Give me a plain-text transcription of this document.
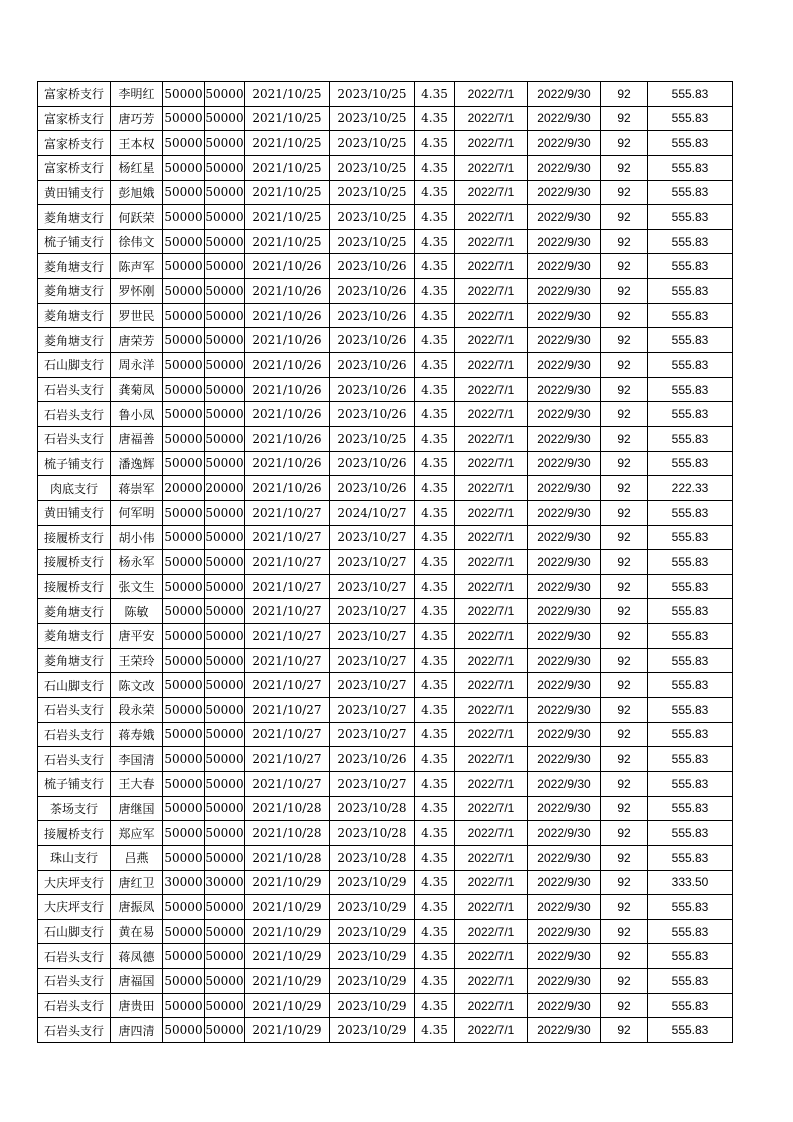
富家桥支行	李明红	50000	50000	2021/10/25	2023/10/25	4.35	2022/7/1	2022/9/30	92	555.83
富家桥支行	唐巧芳	50000	50000	2021/10/25	2023/10/25	4.35	2022/7/1	2022/9/30	92	555.83
富家桥支行	王本权	50000	50000	2021/10/25	2023/10/25	4.35	2022/7/1	2022/9/30	92	555.83
富家桥支行	杨红星	50000	50000	2021/10/25	2023/10/25	4.35	2022/7/1	2022/9/30	92	555.83
黄田铺支行	彭旭娥	50000	50000	2021/10/25	2023/10/25	4.35	2022/7/1	2022/9/30	92	555.83
菱角塘支行	何跃荣	50000	50000	2021/10/25	2023/10/25	4.35	2022/7/1	2022/9/30	92	555.83
梳子铺支行	徐伟文	50000	50000	2021/10/25	2023/10/25	4.35	2022/7/1	2022/9/30	92	555.83
菱角塘支行	陈声军	50000	50000	2021/10/26	2023/10/26	4.35	2022/7/1	2022/9/30	92	555.83
菱角塘支行	罗怀刚	50000	50000	2021/10/26	2023/10/26	4.35	2022/7/1	2022/9/30	92	555.83
菱角塘支行	罗世民	50000	50000	2021/10/26	2023/10/26	4.35	2022/7/1	2022/9/30	92	555.83
菱角塘支行	唐荣芳	50000	50000	2021/10/26	2023/10/26	4.35	2022/7/1	2022/9/30	92	555.83
石山脚支行	周永洋	50000	50000	2021/10/26	2023/10/26	4.35	2022/7/1	2022/9/30	92	555.83
石岩头支行	龚菊凤	50000	50000	2021/10/26	2023/10/26	4.35	2022/7/1	2022/9/30	92	555.83
石岩头支行	鲁小凤	50000	50000	2021/10/26	2023/10/26	4.35	2022/7/1	2022/9/30	92	555.83
石岩头支行	唐福善	50000	50000	2021/10/26	2023/10/25	4.35	2022/7/1	2022/9/30	92	555.83
梳子铺支行	潘逸辉	50000	50000	2021/10/26	2023/10/26	4.35	2022/7/1	2022/9/30	92	555.83
肉底支行	蒋崇军	20000	20000	2021/10/26	2023/10/26	4.35	2022/7/1	2022/9/30	92	222.33
黄田铺支行	何军明	50000	50000	2021/10/27	2024/10/27	4.35	2022/7/1	2022/9/30	92	555.83
接履桥支行	胡小伟	50000	50000	2021/10/27	2023/10/27	4.35	2022/7/1	2022/9/30	92	555.83
接履桥支行	杨永军	50000	50000	2021/10/27	2023/10/27	4.35	2022/7/1	2022/9/30	92	555.83
接履桥支行	张文生	50000	50000	2021/10/27	2023/10/27	4.35	2022/7/1	2022/9/30	92	555.83
菱角塘支行	陈敏	50000	50000	2021/10/27	2023/10/27	4.35	2022/7/1	2022/9/30	92	555.83
菱角塘支行	唐平安	50000	50000	2021/10/27	2023/10/27	4.35	2022/7/1	2022/9/30	92	555.83
菱角塘支行	王荣玲	50000	50000	2021/10/27	2023/10/27	4.35	2022/7/1	2022/9/30	92	555.83
石山脚支行	陈文改	50000	50000	2021/10/27	2023/10/27	4.35	2022/7/1	2022/9/30	92	555.83
石岩头支行	段永荣	50000	50000	2021/10/27	2023/10/27	4.35	2022/7/1	2022/9/30	92	555.83
石岩头支行	蒋寿娥	50000	50000	2021/10/27	2023/10/27	4.35	2022/7/1	2022/9/30	92	555.83
石岩头支行	李国清	50000	50000	2021/10/27	2023/10/26	4.35	2022/7/1	2022/9/30	92	555.83
梳子铺支行	王大春	50000	50000	2021/10/27	2023/10/27	4.35	2022/7/1	2022/9/30	92	555.83
茶场支行	唐继国	50000	50000	2021/10/28	2023/10/28	4.35	2022/7/1	2022/9/30	92	555.83
接履桥支行	郑应军	50000	50000	2021/10/28	2023/10/28	4.35	2022/7/1	2022/9/30	92	555.83
珠山支行	吕燕	50000	50000	2021/10/28	2023/10/28	4.35	2022/7/1	2022/9/30	92	555.83
大庆坪支行	唐红卫	30000	30000	2021/10/29	2023/10/29	4.35	2022/7/1	2022/9/30	92	333.50
大庆坪支行	唐振凤	50000	50000	2021/10/29	2023/10/29	4.35	2022/7/1	2022/9/30	92	555.83
石山脚支行	黄在易	50000	50000	2021/10/29	2023/10/29	4.35	2022/7/1	2022/9/30	92	555.83
石岩头支行	蒋凤德	50000	50000	2021/10/29	2023/10/29	4.35	2022/7/1	2022/9/30	92	555.83
石岩头支行	唐福国	50000	50000	2021/10/29	2023/10/29	4.35	2022/7/1	2022/9/30	92	555.83
石岩头支行	唐贵田	50000	50000	2021/10/29	2023/10/29	4.35	2022/7/1	2022/9/30	92	555.83
石岩头支行	唐四清	50000	50000	2021/10/29	2023/10/29	4.35	2022/7/1	2022/9/30	92	555.83
